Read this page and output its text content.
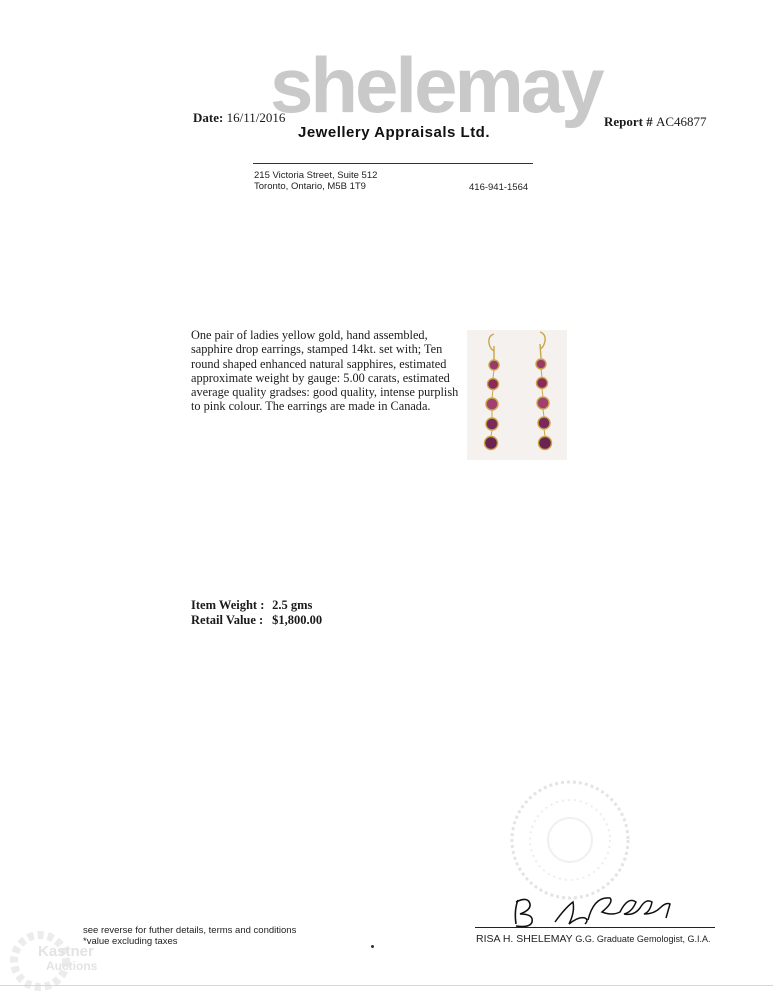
shelemay
Jewellery Appraisals Ltd.
Date: 16/11/2016	Report # AC46877
215 Victoria Street, Suite 512
Toronto, Ontario, M5B 1T9	416-941-1564
One pair of ladies yellow gold, hand assembled, sapphire drop earrings, stamped 14kt. set with; Ten round shaped enhanced natural sapphires, estimated approximate weight by gauge: 5.00 carats, estimated average quality gradses: good quality, intense purplish to pink colour. The earrings are made in Canada.
Item Weight : 2.5 gms
Retail Value : $1,800.00
RISA H. SHELEMAY G.G. Graduate Gemologist, G.I.A.
see reverse for futher details, terms and conditions
*value excluding taxes
Kastner
Auctions
